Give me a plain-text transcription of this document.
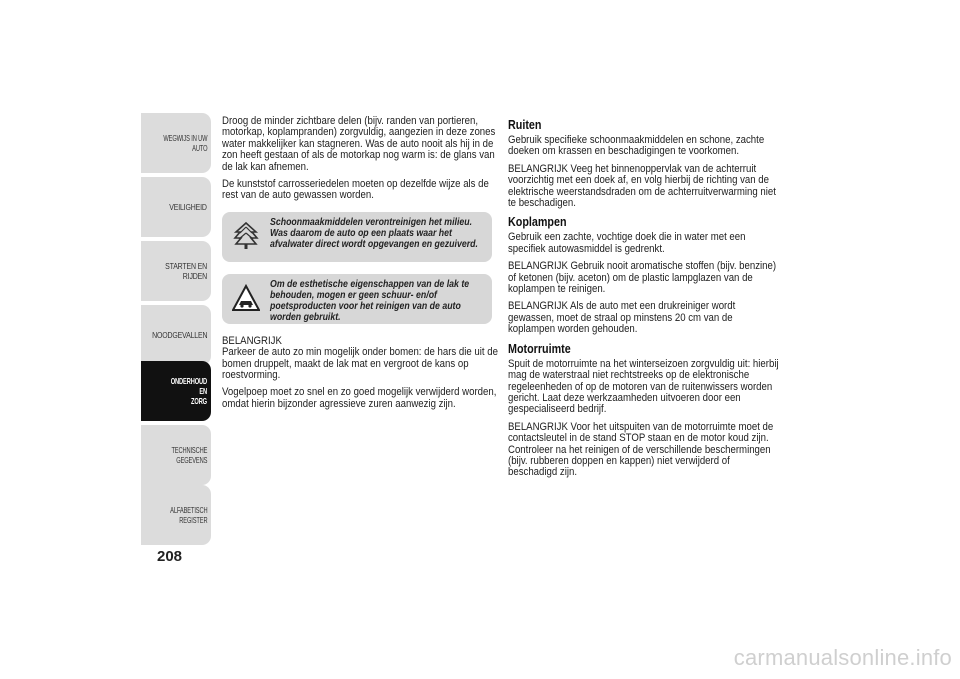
WEGWIJS IN UW
AUTO
VEILIGHEID
STARTEN EN RIJDEN
NOODGEVALLEN
ONDERHOUD EN
ZORG
TECHNISCHE
GEGEVENS
ALFABETISCH
REGISTER
208

Droog de minder zichtbare delen (bijv. randen van portieren, motorkap, koplampranden) zorgvuldig, aangezien in deze zones water makkelijker kan stagneren. Was de auto nooit als hij in de zon heeft gestaan of als de motorkap nog warm is: de glans van de lak kan afnemen.

De kunststof carrosseriedelen moeten op dezelfde wijze als de rest van de auto gewassen worden.

Schoonmaakmiddelen verontreinigen het milieu. Was daarom de auto op een plaats waar het afvalwater direct wordt opgevangen en gezuiverd.
Om de esthetische eigenschappen van de lak te behouden, mogen er geen schuur- en/of poetsproducten voor het reinigen van de auto worden gebruikt.

BELANGRIJK

Parkeer de auto zo min mogelijk onder bomen: de hars die uit de bomen druppelt, maakt de lak mat en vergroot de kans op roestvorming.

Vogelpoep moet zo snel en zo goed mogelijk verwijderd worden, omdat hierin bijzonder agressieve zuren aanwezig zijn.

Ruiten

Gebruik specifieke schoonmaakmiddelen en schone, zachte doeken om krassen en beschadigingen te voorkomen.

BELANGRIJK Veeg het binnenoppervlak van de achterruit voorzichtig met een doek af, en volg hierbij de richting van de elektrische weerstandsdraden om de achterruitverwarming niet te beschadigen.

Koplampen

Gebruik een zachte, vochtige doek die in water met een specifiek autowasmiddel is gedrenkt.

BELANGRIJK Gebruik nooit aromatische stoffen (bijv. benzine) of ketonen (bijv. aceton) om de plastic lampglazen van de koplampen te reinigen.

BELANGRIJK Als de auto met een drukreiniger wordt gewassen, moet de straal op minstens 20 cm van de koplampen worden gehouden.

Motorruimte

Spuit de motorruimte na het winterseizoen zorgvuldig uit: hierbij mag de waterstraal niet rechtstreeks op de elektronische regeleenheden of op de motoren van de ruitenwissers worden gericht. Laat deze werkzaamheden uitvoeren door een gespecialiseerd bedrijf.

BELANGRIJK Voor het uitspuiten van de motorruimte moet de contactsleutel in de stand STOP staan en de motor koud zijn. Controleer na het reinigen of de verschillende beschermingen (bijv. rubberen doppen en kappen) niet verwijderd of beschadigd zijn.

carmanualsonline.info
